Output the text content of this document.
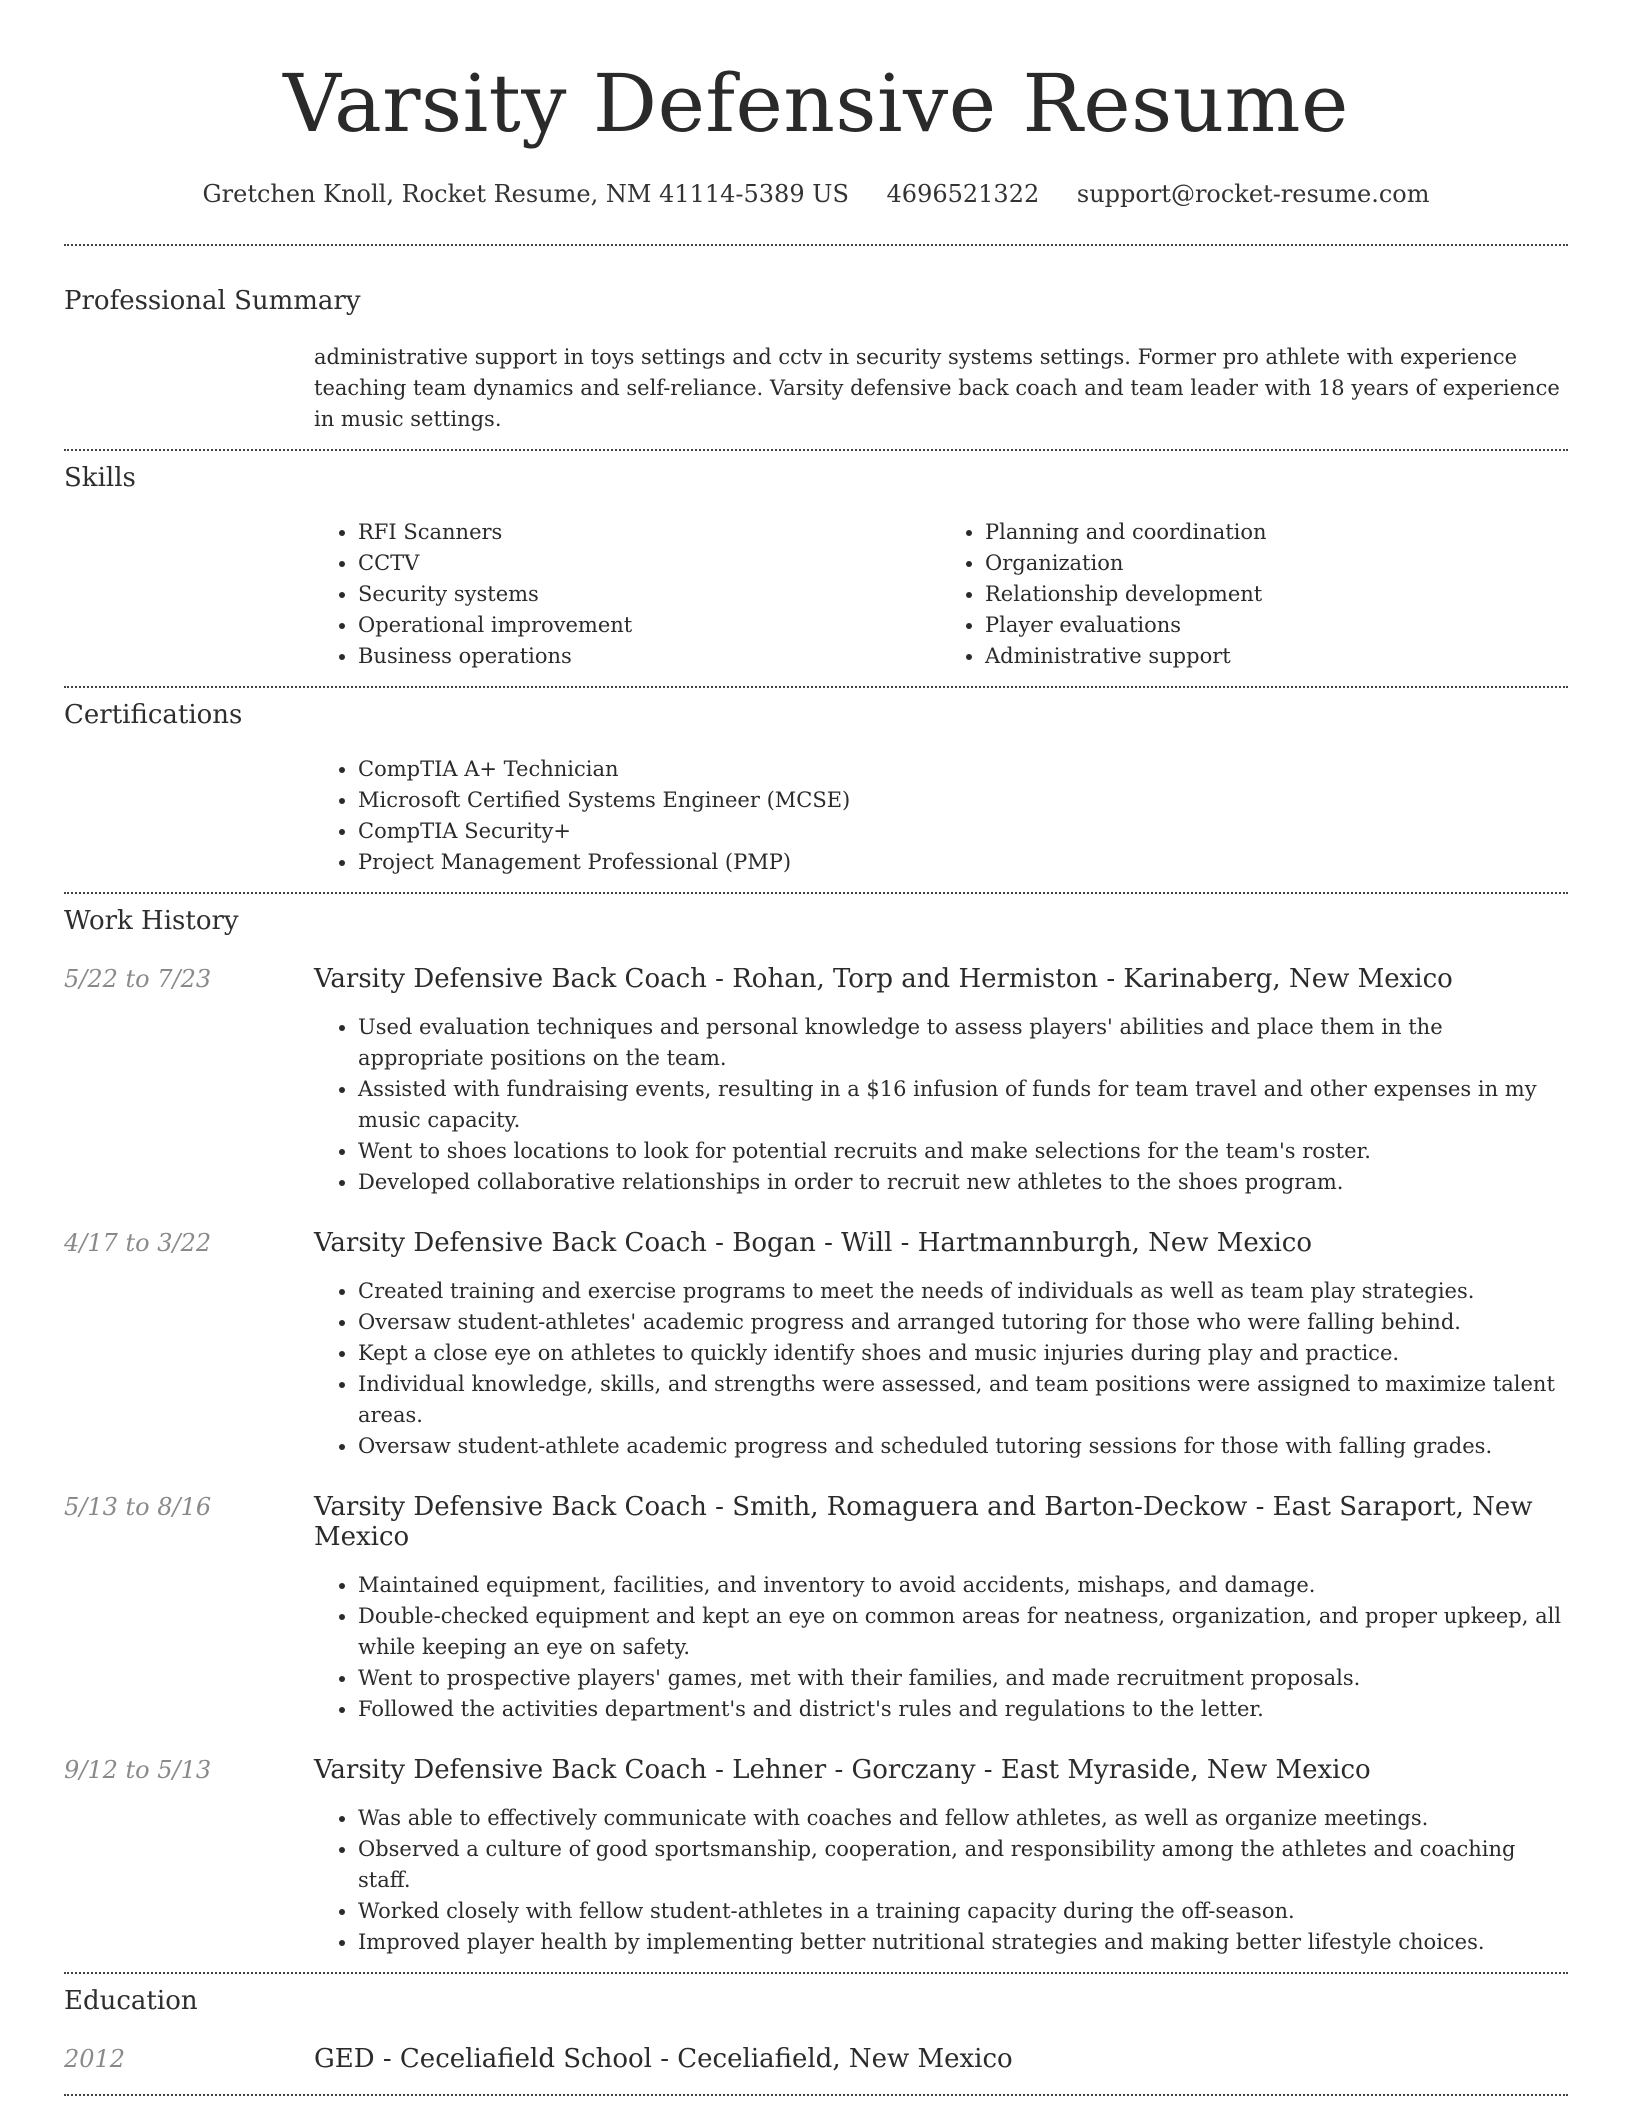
Varsity Defensive Resume
Gretchen Knoll, Rocket Resume, NM 41114-5389 US 4696521322 support@rocket-resume.com
Professional Summary
administrative support in toys settings and cctv in security systems settings. Former pro athlete with experience teaching team dynamics and self-reliance. Varsity defensive back coach and team leader with 18 years of experience in music settings.
Skills
• RFI Scanners
• CCTV
• Security systems
• Operational improvement
• Business operations
• Planning and coordination
• Organization
• Relationship development
• Player evaluations
• Administrative support
Certifications
• CompTIA A+ Technician
• Microsoft Certified Systems Engineer (MCSE)
• CompTIA Security+
• Project Management Professional (PMP)
Work History
5/22 to 7/23	Varsity Defensive Back Coach - Rohan, Torp and Hermiston - Karinaberg, New Mexico
• Used evaluation techniques and personal knowledge to assess players' abilities and place them in the appropriate positions on the team.
• Assisted with fundraising events, resulting in a $16 infusion of funds for team travel and other expenses in my music capacity.
• Went to shoes locations to look for potential recruits and make selections for the team's roster.
• Developed collaborative relationships in order to recruit new athletes to the shoes program.
4/17 to 3/22	Varsity Defensive Back Coach - Bogan - Will - Hartmannburgh, New Mexico
• Created training and exercise programs to meet the needs of individuals as well as team play strategies.
• Oversaw student-athletes' academic progress and arranged tutoring for those who were falling behind.
• Kept a close eye on athletes to quickly identify shoes and music injuries during play and practice.
• Individual knowledge, skills, and strengths were assessed, and team positions were assigned to maximize talent areas.
• Oversaw student-athlete academic progress and scheduled tutoring sessions for those with falling grades.
5/13 to 8/16	Varsity Defensive Back Coach - Smith, Romaguera and Barton-Deckow - East Saraport, New Mexico
• Maintained equipment, facilities, and inventory to avoid accidents, mishaps, and damage.
• Double-checked equipment and kept an eye on common areas for neatness, organization, and proper upkeep, all while keeping an eye on safety.
• Went to prospective players' games, met with their families, and made recruitment proposals.
• Followed the activities department's and district's rules and regulations to the letter.
9/12 to 5/13	Varsity Defensive Back Coach - Lehner - Gorczany - East Myraside, New Mexico
• Was able to effectively communicate with coaches and fellow athletes, as well as organize meetings.
• Observed a culture of good sportsmanship, cooperation, and responsibility among the athletes and coaching staff.
• Worked closely with fellow student-athletes in a training capacity during the off-season.
• Improved player health by implementing better nutritional strategies and making better lifestyle choices.
Education
2012	GED - Ceceliafield School - Ceceliafield, New Mexico
